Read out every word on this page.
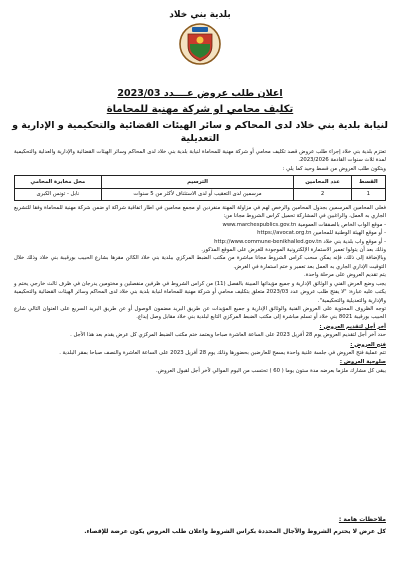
بلدية بني خلاد
اعلان طلب عروض عــــدد 2023/03
تكليف محامي او شركة مهنية للمحاماة
لنيابة بلدية بني خلاد لدى المحاكم و سائر الهيئات القضائية والتحكيمية و الإدارية و التعديلية

تعتزم بلدية بني خلاد إجراء طلب عروض قصد تكليف محامي أو شركة مهنية للمحاماة لنيابة بلدية بني خلاد لدى المحاكم وسائر الهيئات القضائية والإدارية والعدلية والتحكيمية لمدة ثلاث سنوات القادمة 2023/2026.

ويتكون طلب العروض من قسط وحيد كما يلي :

القسط	عدد المحامين	الترسيم	محل مخابرة المحامي
1	2	مرسمين لدى التعقيب أو لدى الاستئناف لأكثر من 5 سنوات	نابل - تونس الكبرى

فعلى المحامين المرسمين بجدول المحامين والرخص لهم في مزاولة المهنة منفردين او مجمع محامين في اطار اتفاقية شراكة او ضمن شركة مهنية للمحاماة وفقا للتشريع الجاري به العمل، والراغبين في المشاركة تحميل كراس الشروط مجانا من:

- موقع الواب الخاص بالصفقات العمومية www.marchespublics.gov.tn

- أو موقع الهيئة الوطنية للمحامين https://avocat.org.tn

- أو موقع واب بلدية بني خلاد http://www.commune-benikhalled.gov.tn

وذلك بعد أن يتولوا تعمير الاستمارة الإلكترونية الموجودة للغرض على الموقع المذكور.

وبالإضافة إلى ذلك، فإنه يمكن سحب كراس الشروط مجانا مباشرة من مكتب الضبط المركزي ببلدية بني خلاد الكائن مقرها بشارع الحبيب بورقيبة بني خلاد وذلك خلال التوقيت الإداري الجاري به العمل بعد تعمير و ختم استمارة في الغرض.

يتم تقديم العروض على مرحلة واحدة.

يجب وضع العرض الفني و الوثائق الإدارية و جميع مؤيداتها المبينة بالفصل (11) من كراس الشروط في ظرفين منفصلين و مختومين يدرجان في ظرف ثالث خارجي يختم و يكتب عليه عبارة: "لا يفتح طلب عروض عدد 2023/03 متعلق بتكليف محامي أو شركة مهنية للمحاماة لنيابة بلدية بني خلاد لدى المحاكم وسائر الهيئات القضائية والتحكيمية والإدارية والتعديلية والتحكيمية".

توجه الظروف المحتوية على العروض الفنية والوثائق الإدارية و جميع المؤيدات عن طريق البريد مضمون الوصول أو عن طريق البريد السريع على العنوان التالي شارع الحبيب بورقيبة 8021 بني خلاد أو تسلم مباشرة إلى مكتب الضبط المركزي التابع لبلدية بني خلاد مقابل وصل إيداع.

آخر أجل لتقديم العروض :

حدد آخر أجل لتقديم العروض يوم 28 أفريل 2023 على الساعة العاشرة صباحا ويعتمد ختم مكتب الضبط المركزي كل عرض يقدم بعد هذا الأجل .

فتح العروض :

تتم عملية فتح العروض في جلسة علنية واحدة يسمح للعارضين بحضورها وذلك يوم 28 أفريل 2023 على الساعة العاشرة والنصف صباحا بمقر البلدية .

صلوحية العروض :

يبقى كل مشارك ملزما بعرضه مدة ستون يوما ( 60 ) تحتسب من اليوم الموالي لآخر أجل لقبول العروض.

ملاحظات هامة :
كل عرض لا يحترم الشروط والآجال المحددة بكراس الشروط واعلان طلب العروض يكون عرضة للإقصاء.
